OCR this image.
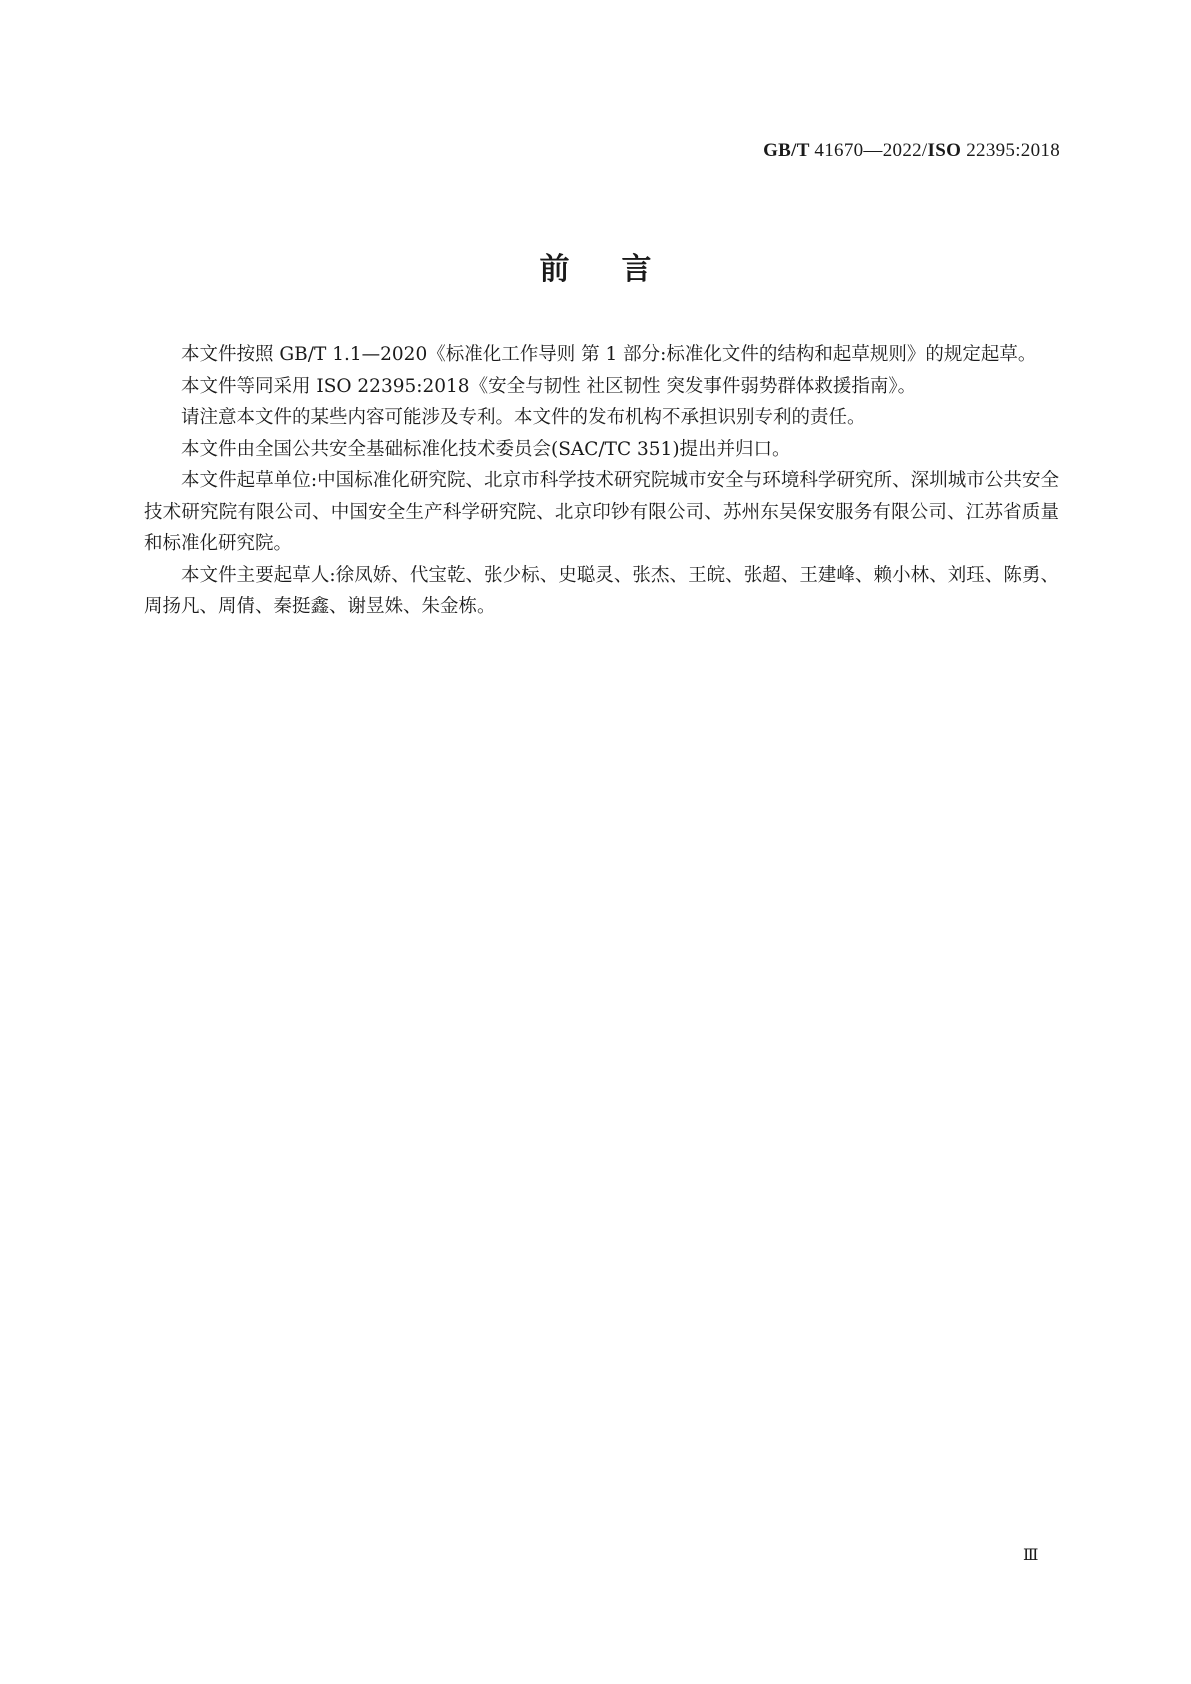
GB/T 41670—2022/ISO 22395:2018
前言

本文件按照 GB/T 1.1—2020《标准化工作导则 第 1 部分:标准化文件的结构和起草规则》的规定起草。

本文件等同采用 ISO 22395:2018《安全与韧性 社区韧性 突发事件弱势群体救援指南》。

请注意本文件的某些内容可能涉及专利。本文件的发布机构不承担识别专利的责任。

本文件由全国公共安全基础标准化技术委员会(SAC/TC 351)提出并归口。

本文件起草单位:中国标准化研究院、北京市科学技术研究院城市安全与环境科学研究所、深圳城市公共安全技术研究院有限公司、中国安全生产科学研究院、北京印钞有限公司、苏州东吴保安服务有限公司、江苏省质量和标准化研究院。

本文件主要起草人:徐凤娇、代宝乾、张少标、史聪灵、张杰、王皖、张超、王建峰、赖小林、刘珏、陈勇、周扬凡、周倩、秦挺鑫、谢昱姝、朱金栋。

Ⅲ
